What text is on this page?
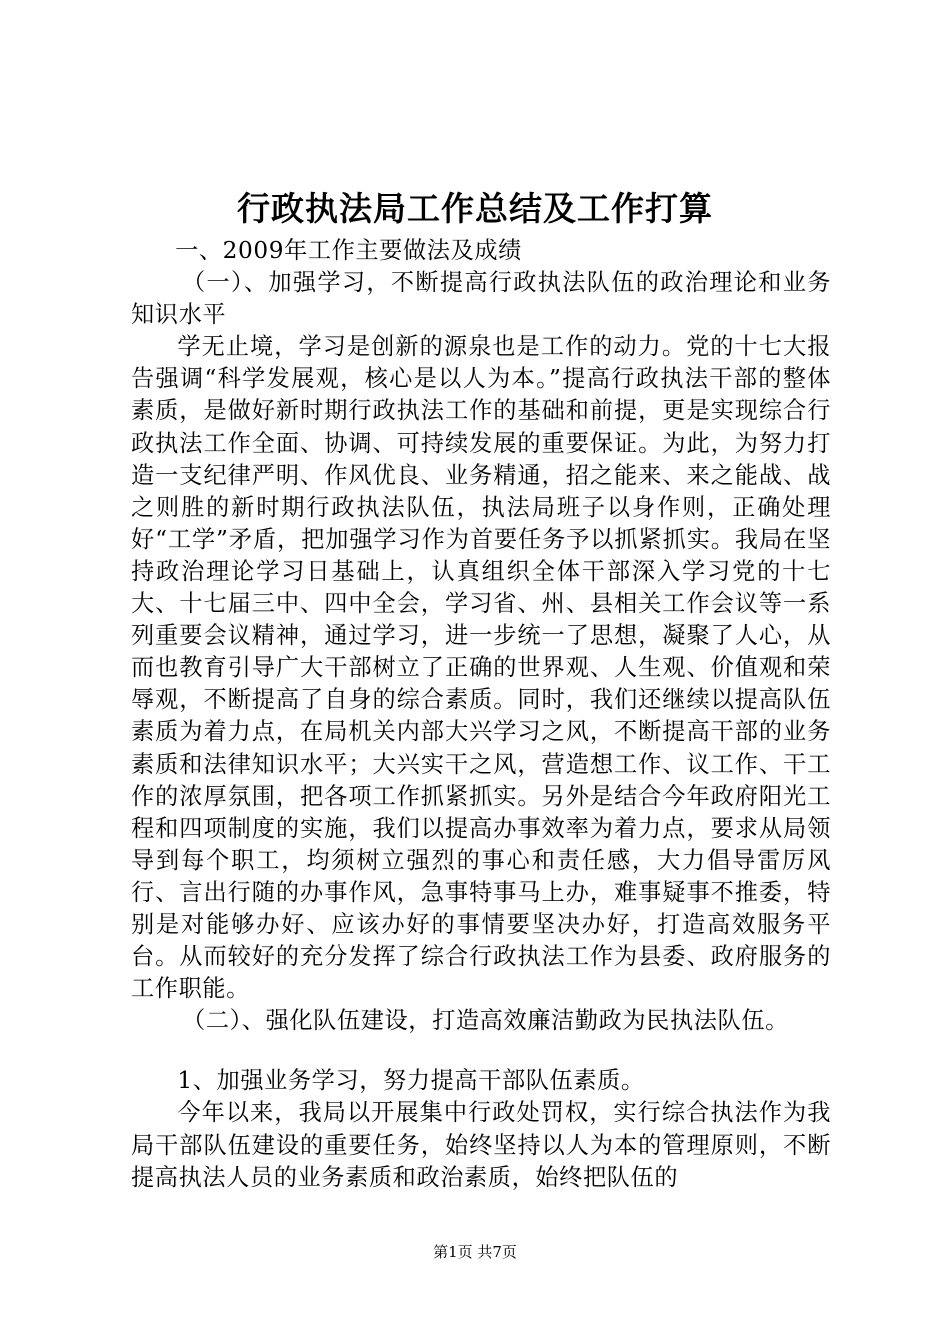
行政执法局工作总结及工作打算

一、2009年工作主要做法及成绩

（一）、加强学习，不断提高行政执法队伍的政治理论和业务知识水平

学无止境，学习是创新的源泉也是工作的动力。党的十七大报告强调“科学发展观，核心是以人为本。”提高行政执法干部的整体素质，是做好新时期行政执法工作的基础和前提，更是实现综合行政执法工作全面、协调、可持续发展的重要保证。为此，为努力打造一支纪律严明、作风优良、业务精通，招之能来、来之能战、战之则胜的新时期行政执法队伍，执法局班子以身作则，正确处理好“工学”矛盾，把加强学习作为首要任务予以抓紧抓实。我局在坚持政治理论学习日基础上，认真组织全体干部深入学习党的十七大、十七届三中、四中全会，学习省、州、县相关工作会议等一系列重要会议精神，通过学习，进一步统一了思想，凝聚了人心，从而也教育引导广大干部树立了正确的世界观、人生观、价值观和荣辱观，不断提高了自身的综合素质。同时，我们还继续以提高队伍素质为着力点，在局机关内部大兴学习之风，不断提高干部的业务素质和法律知识水平；大兴实干之风，营造想工作、议工作、干工作的浓厚氛围，把各项工作抓紧抓实。另外是结合今年政府阳光工程和四项制度的实施，我们以提高办事效率为着力点，要求从局领导到每个职工，均须树立强烈的事心和责任感，大力倡导雷厉风行、言出行随的办事作风，急事特事马上办，难事疑事不推委，特别是对能够办好、应该办好的事情要坚决办好，打造高效服务平台。从而较好的充分发挥了综合行政执法工作为县委、政府服务的工作职能。

（二）、强化队伍建设，打造高效廉洁勤政为民执法队伍。

1、加强业务学习，努力提高干部队伍素质。

今年以来，我局以开展集中行政处罚权，实行综合执法作为我局干部队伍建设的重要任务，始终坚持以人为本的管理原则，不断提高执法人员的业务素质和政治素质，始终把队伍的

第1页 共7页
